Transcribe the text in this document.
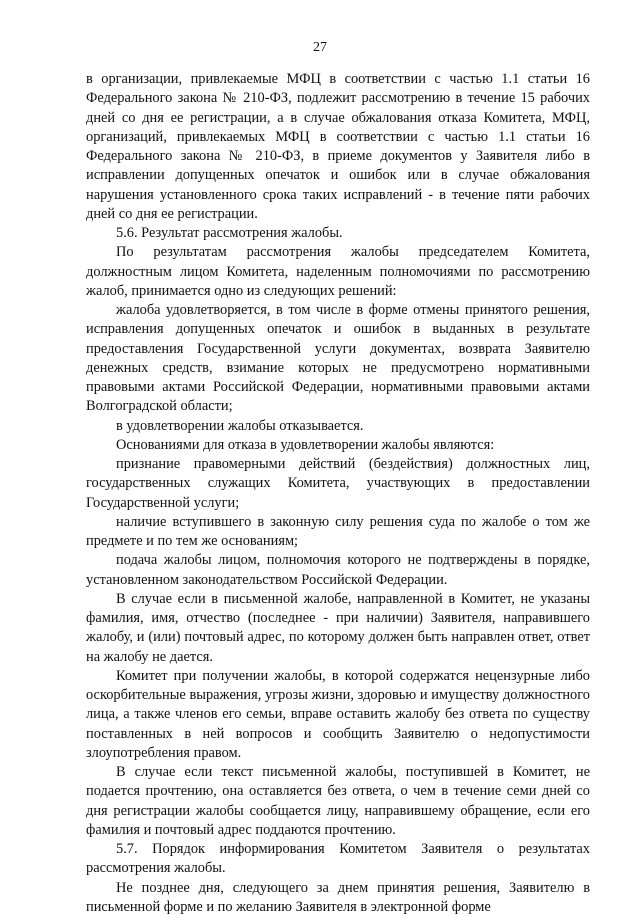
27

в организации, привлекаемые МФЦ в соответствии с частью 1.1 статьи 16 Федерального закона № 210-ФЗ, подлежит рассмотрению в течение 15 рабочих дней со дня ее регистрации, а в случае обжалования отказа Комитета, МФЦ, организаций, привлекаемых МФЦ в соответствии с частью 1.1 статьи 16 Федерального закона № 210-ФЗ, в приеме документов у Заявителя либо в исправлении допущенных опечаток и ошибок или в случае обжалования нарушения установленного срока таких исправлений - в течение пяти рабочих дней со дня ее регистрации.

5.6. Результат рассмотрения жалобы.

По результатам рассмотрения жалобы председателем Комитета, должностным лицом Комитета, наделенным полномочиями по рассмотрению жалоб, принимается одно из следующих решений:

жалоба удовлетворяется, в том числе в форме отмены принятого решения, исправления допущенных опечаток и ошибок в выданных в результате предоставления Государственной услуги документах, возврата Заявителю денежных средств, взимание которых не предусмотрено нормативными правовыми актами Российской Федерации, нормативными правовыми актами Волгоградской области;

в удовлетворении жалобы отказывается.

Основаниями для отказа в удовлетворении жалобы являются:

признание правомерными действий (бездействия) должностных лиц, государственных служащих Комитета, участвующих в предоставлении Государственной услуги;

наличие вступившего в законную силу решения суда по жалобе о том же предмете и по тем же основаниям;

подача жалобы лицом, полномочия которого не подтверждены в порядке, установленном законодательством Российской Федерации.

В случае если в письменной жалобе, направленной в Комитет, не указаны фамилия, имя, отчество (последнее - при наличии) Заявителя, направившего жалобу, и (или) почтовый адрес, по которому должен быть направлен ответ, ответ на жалобу не дается.

Комитет при получении жалобы, в которой содержатся нецензурные либо оскорбительные выражения, угрозы жизни, здоровью и имуществу должностного лица, а также членов его семьи, вправе оставить жалобу без ответа по существу поставленных в ней вопросов и сообщить Заявителю о недопустимости злоупотребления правом.

В случае если текст письменной жалобы, поступившей в Комитет, не подается прочтению, она оставляется без ответа, о чем в течение семи дней со дня регистрации жалобы сообщается лицу, направившему обращение, если его фамилия и почтовый адрес поддаются прочтению.

5.7. Порядок информирования Комитетом Заявителя о результатах рассмотрения жалобы.

Не позднее дня, следующего за днем принятия решения, Заявителю в письменной форме и по желанию Заявителя в электронной форме
